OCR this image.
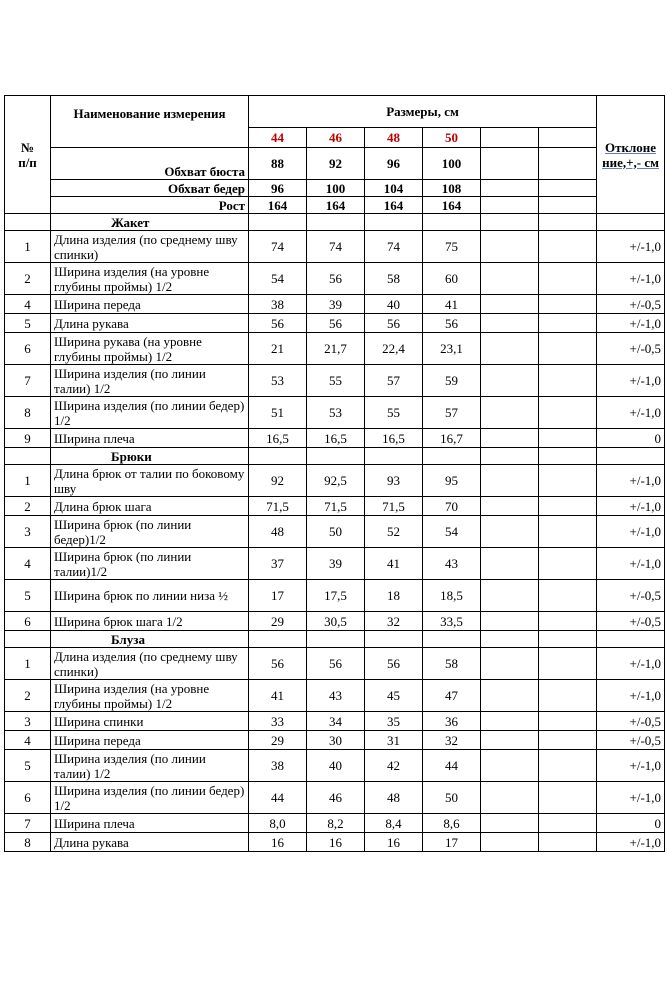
№
п/п	Наименование измерения	Размеры, см						Отклоне ние,+,- см
		44	46	48	50			
	Обхват бюста	88	92	96	100			
	Обхват бедер	96	100	104	108			
	Рост	164	164	164	164			
	Жакет							
1	Длина изделия (по среднему шву спинки)	74	74	74	75			+/-1,0
2	Ширина изделия (на уровне глубины проймы) 1/2	54	56	58	60			+/-1,0
4	Ширина переда	38	39	40	41			+/-0,5
5	Длина рукава	56	56	56	56			+/-1,0
6	Ширина рукава (на уровне глубины проймы) 1/2	21	21,7	22,4	23,1			+/-0,5
7	Ширина изделия (по линии талии) 1/2	53	55	57	59			+/-1,0
8	Ширина изделия (по линии бедер) 1/2	51	53	55	57			+/-1,0
9	Ширина плеча	16,5	16,5	16,5	16,7			0
	Брюки							
1	Длина брюк от талии по боковому шву	92	92,5	93	95			+/-1,0
2	Длина брюк шага	71,5	71,5	71,5	70			+/-1,0
3	Ширина брюк (по линии бедер)1/2	48	50	52	54			+/-1,0
4	Ширина брюк (по линии талии)1/2	37	39	41	43			+/-1,0
5	Ширина брюк по линии низа ½	17	17,5	18	18,5			+/-0,5
6	Ширина брюк шага 1/2	29	30,5	32	33,5			+/-0,5
	Блуза							
1	Длина изделия (по среднему шву спинки)	56	56	56	58			+/-1,0
2	Ширина изделия (на уровне глубины проймы) 1/2	41	43	45	47			+/-1,0
3	Ширина спинки	33	34	35	36			+/-0,5
4	Ширина переда	29	30	31	32			+/-0,5
5	Ширина изделия (по линии талии) 1/2	38	40	42	44			+/-1,0
6	Ширина изделия (по линии бедер) 1/2	44	46	48	50			+/-1,0
7	Ширина плеча	8,0	8,2	8,4	8,6			0
8	Длина рукава	16	16	16	17			+/-1,0
